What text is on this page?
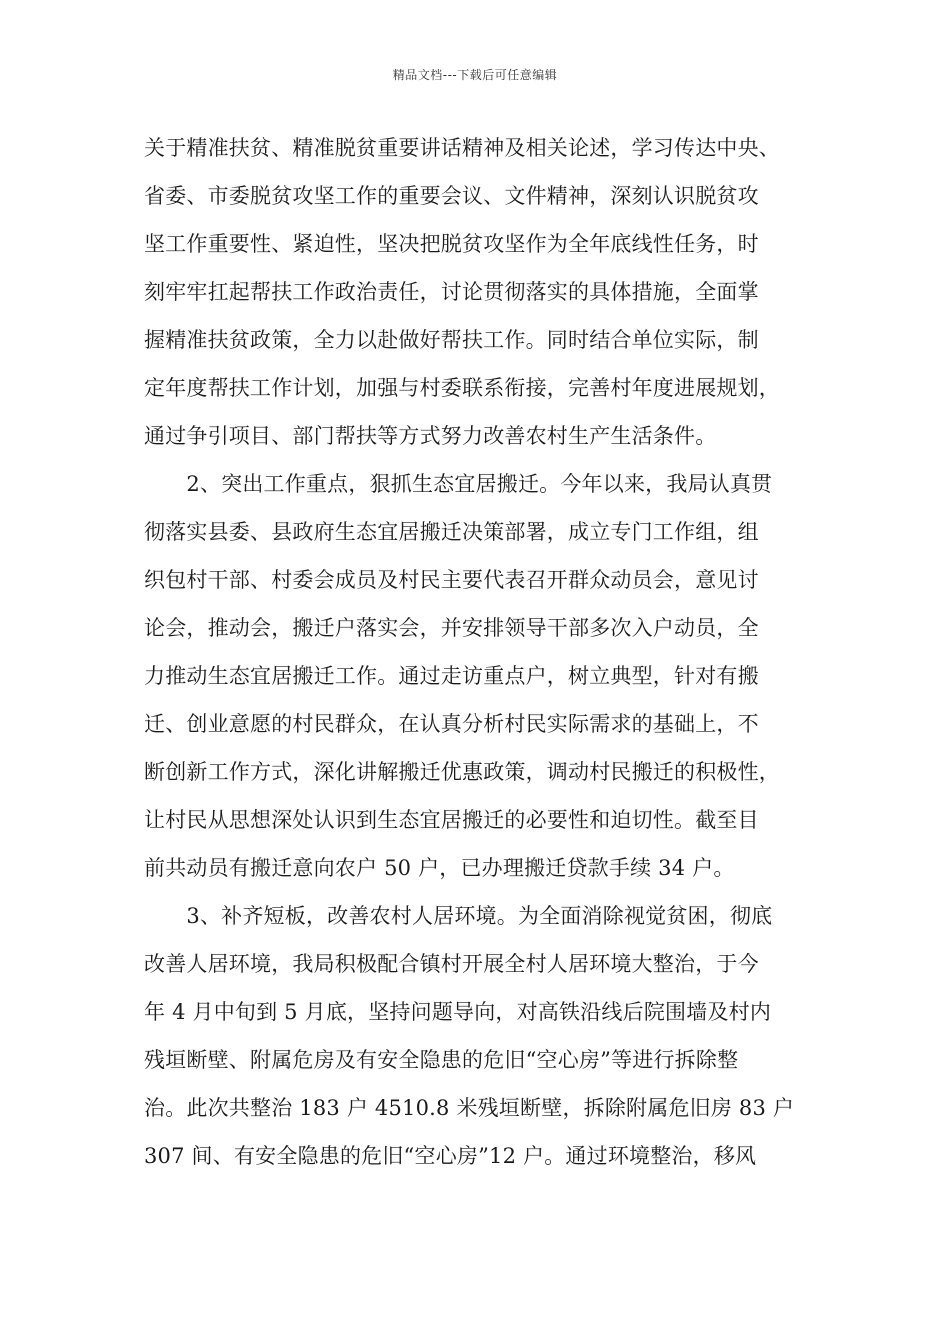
精品文档---下载后可任意编辑
关于精准扶贫、精准脱贫重要讲话精神及相关论述，学习传达中央、
省委、市委脱贫攻坚工作的重要会议、文件精神，深刻认识脱贫攻
坚工作重要性、紧迫性，坚决把脱贫攻坚作为全年底线性任务，时
刻牢牢扛起帮扶工作政治责任，讨论贯彻落实的具体措施，全面掌
握精准扶贫政策，全力以赴做好帮扶工作。同时结合单位实际，制
定年度帮扶工作计划，加强与村委联系衔接，完善村年度进展规划，
通过争引项目、部门帮扶等方式努力改善农村生产生活条件。
　　2、突出工作重点，狠抓生态宜居搬迁。今年以来，我局认真贯
彻落实县委、县政府生态宜居搬迁决策部署，成立专门工作组，组
织包村干部、村委会成员及村民主要代表召开群众动员会，意见讨
论会，推动会，搬迁户落实会，并安排领导干部多次入户动员，全
力推动生态宜居搬迁工作。通过走访重点户，树立典型，针对有搬
迁、创业意愿的村民群众，在认真分析村民实际需求的基础上，不
断创新工作方式，深化讲解搬迁优惠政策，调动村民搬迁的积极性，
让村民从思想深处认识到生态宜居搬迁的必要性和迫切性。截至目
前共动员有搬迁意向农户 50 户，已办理搬迁贷款手续 34 户。
　　3、补齐短板，改善农村人居环境。为全面消除视觉贫困，彻底
改善人居环境，我局积极配合镇村开展全村人居环境大整治，于今
年 4 月中旬到 5 月底，坚持问题导向，对高铁沿线后院围墙及村内
残垣断壁、附属危房及有安全隐患的危旧“空心房”等进行拆除整
治。此次共整治 183 户 4510.8 米残垣断壁，拆除附属危旧房 83 户
307 间、有安全隐患的危旧“空心房”12 户。通过环境整治，移风
